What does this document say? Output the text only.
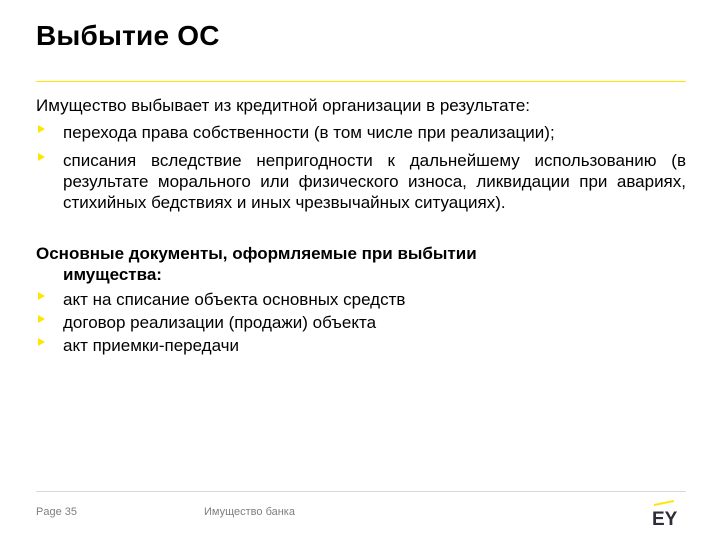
Выбытие ОС

Имущество выбывает из кредитной организации в результате:

перехода права собственности (в том числе при реализации);
списания вследствие непригодности к дальнейшему использованию (в результате морального или физического износа, ликвидации при авариях, стихийных бедствиях и иных чрезвычайных ситуациях).
Основные документы, оформляемые при выбытии
имущества:
акт на списание объекта основных средств
договор реализации (продажи) объекта
акт приемки-передачи
Page 35	Имущество банка	EY
